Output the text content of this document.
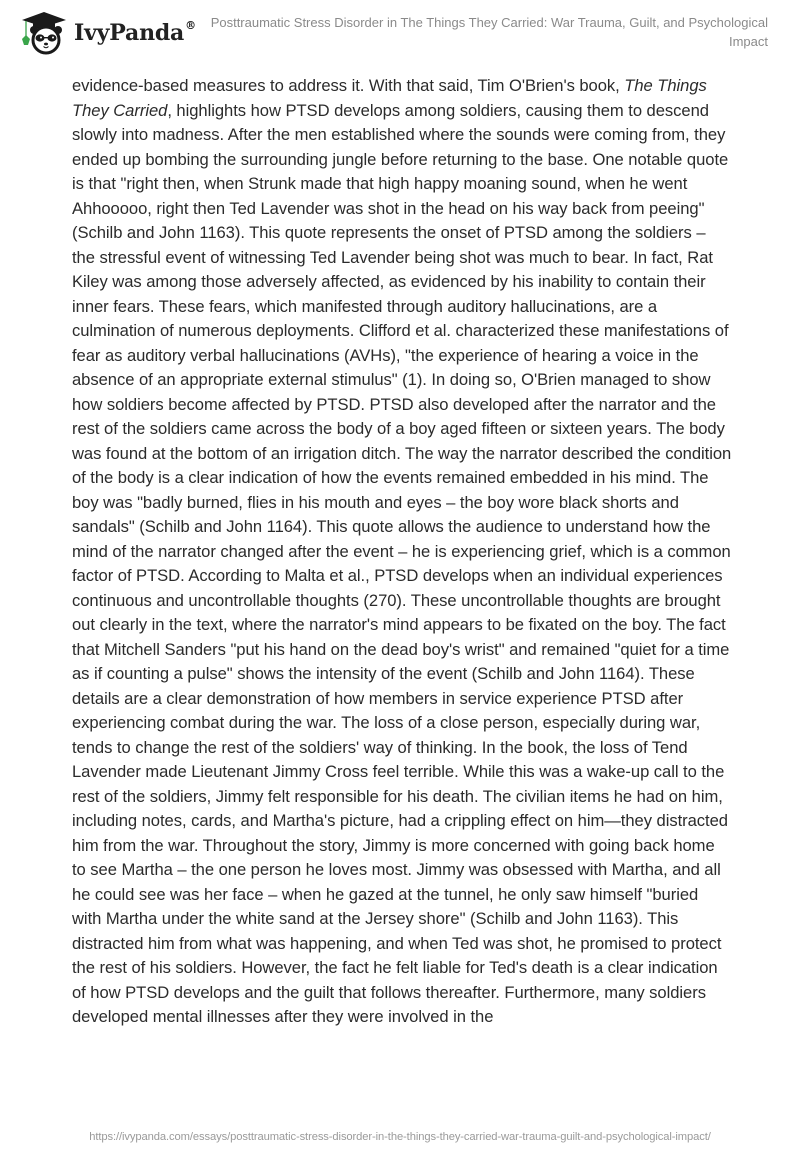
IvyPanda® Posttraumatic Stress Disorder in The Things They Carried: War Trauma, Guilt, and Psychological Impact

evidence-based measures to address it. With that said, Tim O'Brien's book, The Things They Carried, highlights how PTSD develops among soldiers, causing them to descend slowly into madness. After the men established where the sounds were coming from, they ended up bombing the surrounding jungle before returning to the base. One notable quote is that "right then, when Strunk made that high happy moaning sound, when he went Ahhooooo, right then Ted Lavender was shot in the head on his way back from peeing" (Schilb and John 1163). This quote represents the onset of PTSD among the soldiers – the stressful event of witnessing Ted Lavender being shot was much to bear. In fact, Rat Kiley was among those adversely affected, as evidenced by his inability to contain their inner fears. These fears, which manifested through auditory hallucinations, are a culmination of numerous deployments. Clifford et al. characterized these manifestations of fear as auditory verbal hallucinations (AVHs), "the experience of hearing a voice in the absence of an appropriate external stimulus" (1). In doing so, O'Brien managed to show how soldiers become affected by PTSD. PTSD also developed after the narrator and the rest of the soldiers came across the body of a boy aged fifteen or sixteen years. The body was found at the bottom of an irrigation ditch. The way the narrator described the condition of the body is a clear indication of how the events remained embedded in his mind. The boy was "badly burned, flies in his mouth and eyes – the boy wore black shorts and sandals" (Schilb and John 1164). This quote allows the audience to understand how the mind of the narrator changed after the event – he is experiencing grief, which is a common factor of PTSD. According to Malta et al., PTSD develops when an individual experiences continuous and uncontrollable thoughts (270). These uncontrollable thoughts are brought out clearly in the text, where the narrator's mind appears to be fixated on the boy. The fact that Mitchell Sanders "put his hand on the dead boy's wrist" and remained "quiet for a time as if counting a pulse" shows the intensity of the event (Schilb and John 1164). These details are a clear demonstration of how members in service experience PTSD after experiencing combat during the war. The loss of a close person, especially during war, tends to change the rest of the soldiers' way of thinking. In the book, the loss of Tend Lavender made Lieutenant Jimmy Cross feel terrible. While this was a wake-up call to the rest of the soldiers, Jimmy felt responsible for his death. The civilian items he had on him, including notes, cards, and Martha's picture, had a crippling effect on him—they distracted him from the war. Throughout the story, Jimmy is more concerned with going back home to see Martha – the one person he loves most. Jimmy was obsessed with Martha, and all he could see was her face – when he gazed at the tunnel, he only saw himself "buried with Martha under the white sand at the Jersey shore" (Schilb and John 1163). This distracted him from what was happening, and when Ted was shot, he promised to protect the rest of his soldiers. However, the fact he felt liable for Ted's death is a clear indication of how PTSD develops and the guilt that follows thereafter. Furthermore, many soldiers developed mental illnesses after they were involved in the

https://ivypanda.com/essays/posttraumatic-stress-disorder-in-the-things-they-carried-war-trauma-guilt-and-psychological-impact/
